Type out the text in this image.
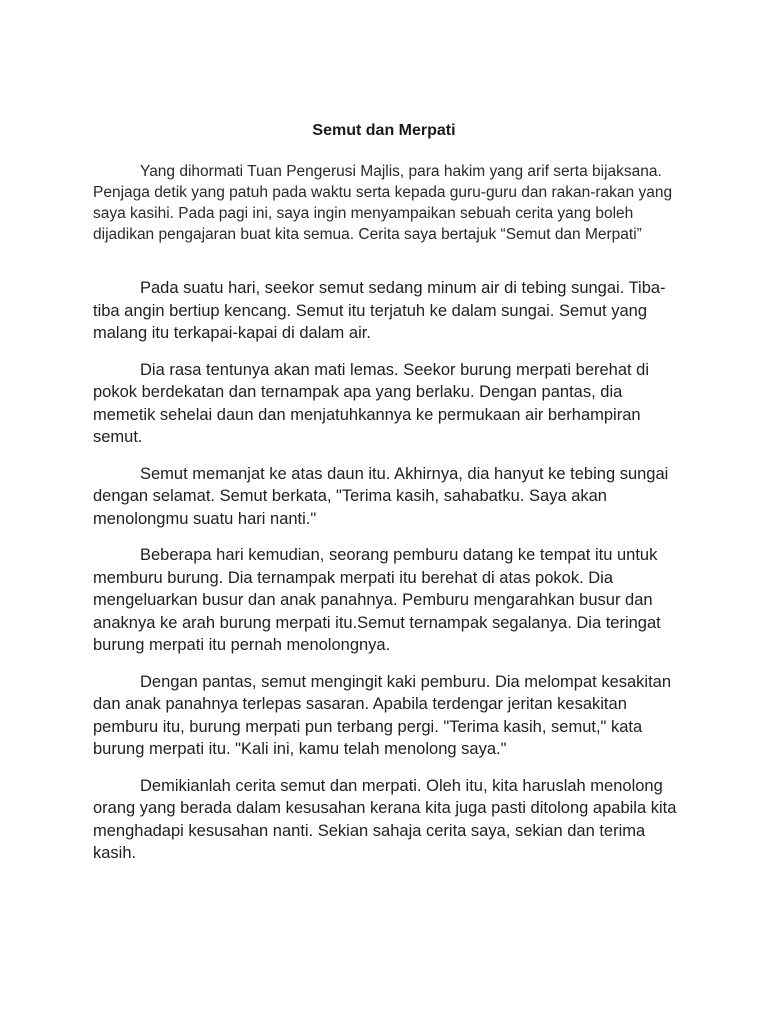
Semut dan Merpati

Yang dihormati Tuan Pengerusi Majlis, para hakim yang arif serta bijaksana. Penjaga detik yang patuh pada waktu serta kepada guru-guru dan rakan-rakan yang saya kasihi. Pada pagi ini, saya ingin menyampaikan sebuah cerita yang boleh dijadikan pengajaran buat kita semua. Cerita saya bertajuk “Semut dan Merpati”

Pada suatu hari, seekor semut sedang minum air di tebing sungai. Tiba-tiba angin bertiup kencang. Semut itu terjatuh ke dalam sungai. Semut yang malang itu terkapai-kapai di dalam air.

Dia rasa tentunya akan mati lemas. Seekor burung merpati berehat di pokok berdekatan dan ternampak apa yang berlaku. Dengan pantas, dia memetik sehelai daun dan menjatuhkannya ke permukaan air berhampiran semut.

Semut memanjat ke atas daun itu. Akhirnya, dia hanyut ke tebing sungai dengan selamat. Semut berkata, "Terima kasih, sahabatku. Saya akan menolongmu suatu hari nanti."

Beberapa hari kemudian, seorang pemburu datang ke tempat itu untuk memburu burung. Dia ternampak merpati itu berehat di atas pokok. Dia mengeluarkan busur dan anak panahnya. Pemburu mengarahkan busur dan anaknya ke arah burung merpati itu.Semut ternampak segalanya. Dia teringat burung merpati itu pernah menolongnya.

Dengan pantas, semut mengingit kaki pemburu. Dia melompat kesakitan dan anak panahnya terlepas sasaran. Apabila terdengar jeritan kesakitan pemburu itu, burung merpati pun terbang pergi. "Terima kasih, semut," kata burung merpati itu. "Kali ini, kamu telah menolong saya."

Demikianlah cerita semut dan merpati. Oleh itu, kita haruslah menolong orang yang berada dalam kesusahan kerana kita juga pasti ditolong apabila kita menghadapi kesusahan nanti. Sekian sahaja cerita saya, sekian dan terima kasih.
